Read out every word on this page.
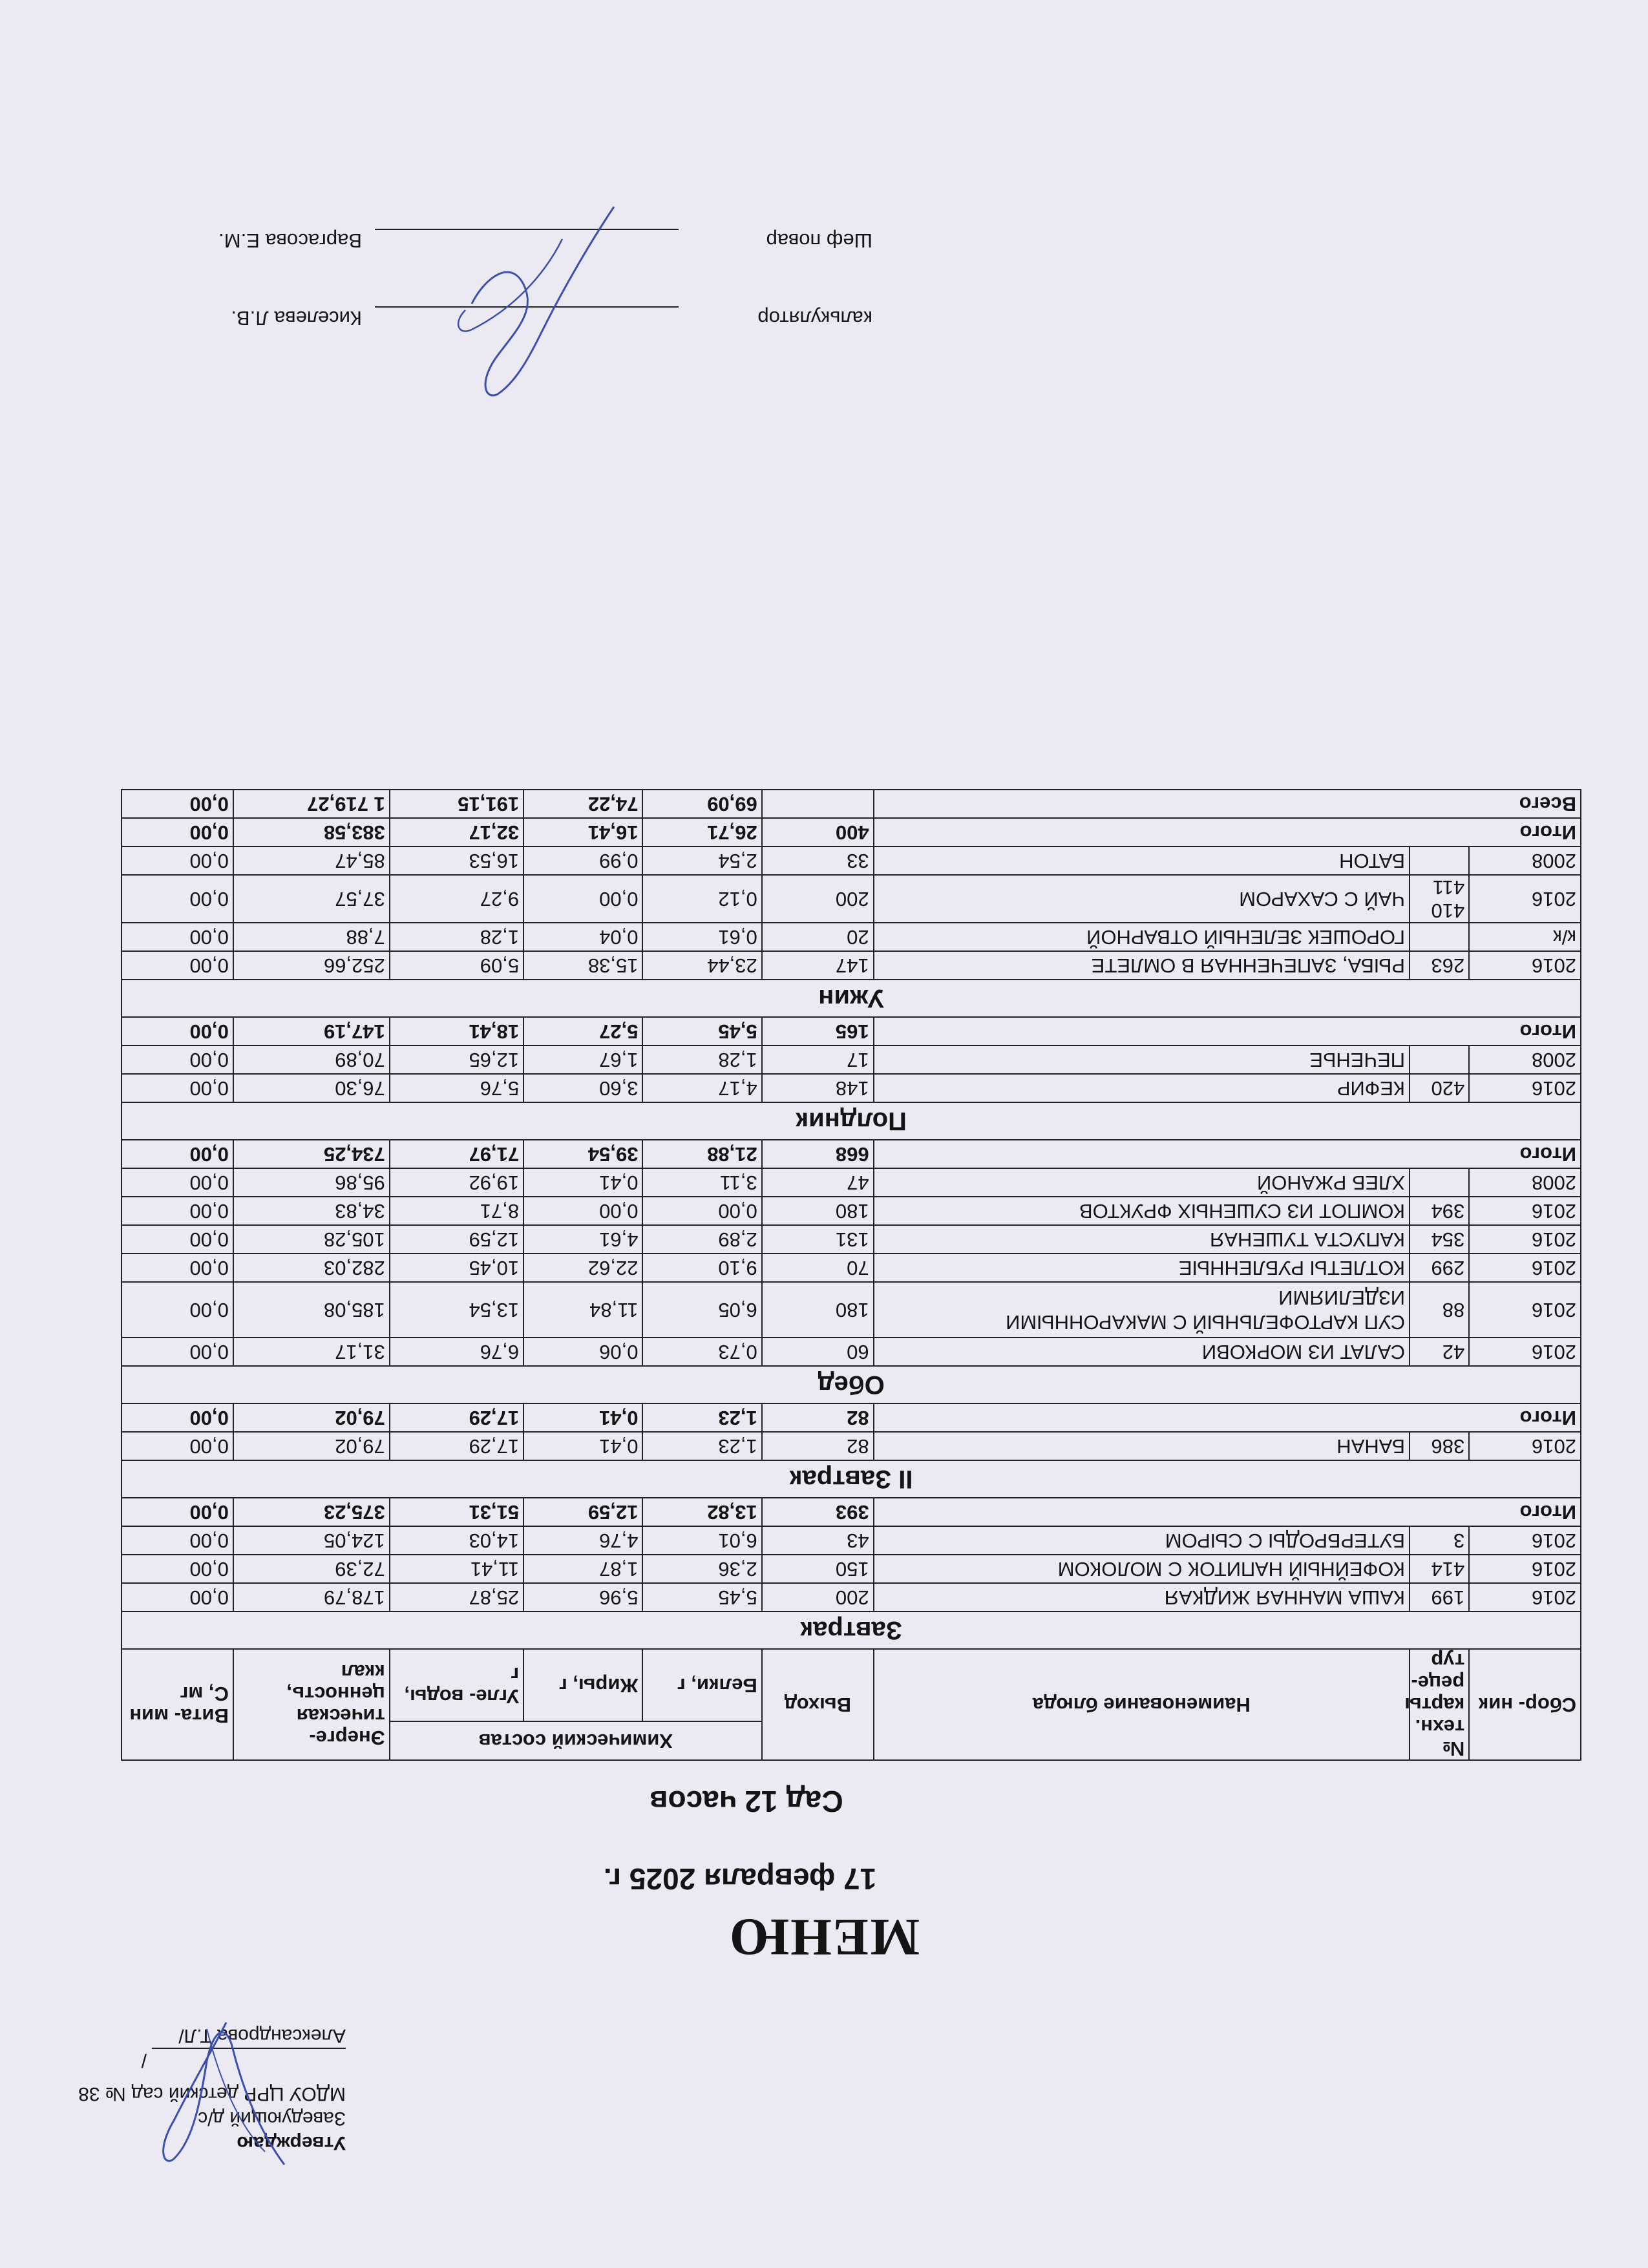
Утверждаю
Заведующий д/с
МДОУ ЦРР детский сад № 38
/Александрова Т.Л/
МЕНЮ
17 февраля 2025 г.
Сад 12 часов
Сбор- ник	№ техн. карты реце- тур	Наименование блюда	Выход	Химический состав			Энерге- тическая ценность, ккал	Вита- мин С, мг
				Белки, г	Жиры, г	Угле- воды, г		
Завтрак								
2016	199	КАША МАННАЯ ЖИДКАЯ	200	5,45	5,96	25,87	178,79	0,00
2016	414	КОФЕЙНЫЙ НАПИТОК С МОЛОКОМ	150	2,36	1,87	11,41	72,39	0,00
2016	3	БУТЕРБРОДЫ С СЫРОМ	43	6,01	4,76	14,03	124,05	0,00
Итого			393	13,82	12,59	51,31	375,23	0,00
II Завтрак								
2016	386	БАНАН	82	1,23	0,41	17,29	79,02	0,00
Итого			82	1,23	0,41	17,29	79,02	0,00
Обед								
2016	42	САЛАТ ИЗ МОРКОВИ	60	0,73	0,06	6,76	31,17	0,00
2016	88	СУП КАРТОФЕЛЬНЫЙ С МАКАРОННЫМИ ИЗДЕЛИЯМИ	180	6,05	11,84	13,54	185,08	0,00
2016	299	КОТЛЕТЫ РУБЛЕННЫЕ	70	9,10	22,62	10,45	282,03	0,00
2016	354	КАПУСТА ТУШЕНАЯ	131	2,89	4,61	12,59	105,28	0,00
2016	394	КОМПОТ ИЗ СУШЕНЫХ ФРУКТОВ	180	0,00	0,00	8,71	34,83	0,00
2008		ХЛЕБ РЖАНОЙ	47	3,11	0,41	19,92	95,86	0,00
Итого			668	21,88	39,54	71,97	734,25	0,00
Полдник								
2016	420	КЕФИР	148	4,17	3,60	5,76	76,30	0,00
2008		ПЕЧЕНЬЕ	17	1,28	1,67	12,65	70,89	0,00
Итого			165	5,45	5,27	18,41	147,19	0,00
Ужин								
2016	263	РЫБА, ЗАПЕЧЕННАЯ В ОМЛЕТЕ	147	23,44	15,38	5,09	252,66	0,00
к/к		ГОРОШЕК ЗЕЛЕНЫЙ ОТВАРНОЙ	20	0,61	0,04	1,28	7,88	0,00
2016	410 411	ЧАЙ С САХАРОМ	200	0,12	0,00	9,27	37,57	0,00
2008		БАТОН	33	2,54	0,99	16,53	85,47	0,00
Итого			400	26,71	16,41	32,17	383,58	0,00
Всего				69,09	74,22	191,15	1 719,27	0,00
калькуляторКиселева Л.В.
Шеф поварВаргасова Е.М.
